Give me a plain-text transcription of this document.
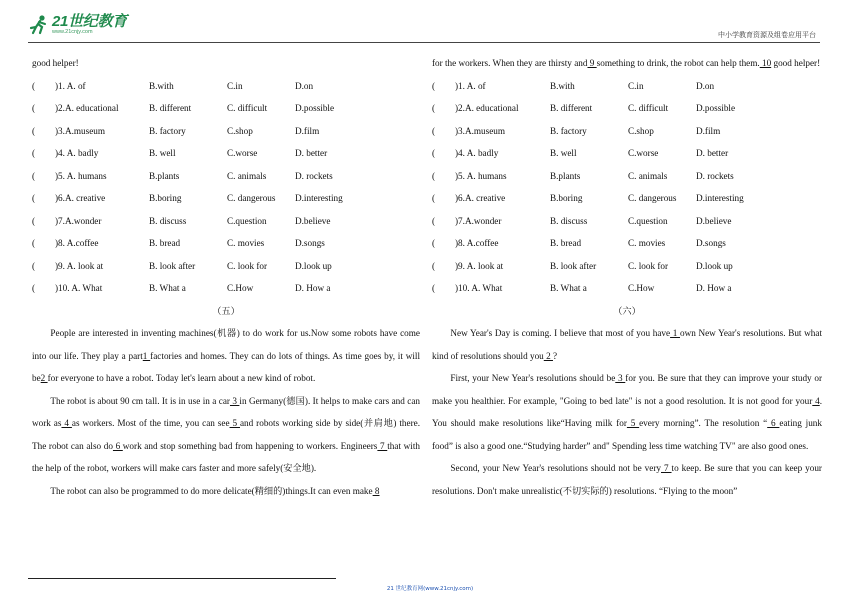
21世纪教育
www.21cnjy.com	中小学教育资源及组卷应用平台
good helper!
(	)1. A. of	B.with	C.in	D.on
(	)2.A. educational	B. different	C. difficult	D.possible
(	)3.A.museum	B. factory	C.shop	D.film
(	)4. A. badly	B. well	C.worse	D. better
(	)5. A. humans	B.plants	C. animals	D. rockets
(	)6.A. creative	B.boring	C. dangerous	D.interesting
(	)7.A.wonder	B. discuss	C.question	D.believe
(	)8. A.coffee	B. bread	C. movies	D.songs
(	)9. A. look at	B. look after	C. look for	D.look up
(	)10. A. What	B. What a	C.How	D. How a
（五）
People are interested in inventing machines(机器) to do work for us.Now some robots have come into our life. They play a part1 factories and homes. They can do lots of things. As time goes by, it will be2 for everyone to have a robot. Today let's learn about a new kind of robot.
The robot is about 90 cm tall. It is in use in a car 3 in Germany(德国). It helps to make cars and can work as 4 as workers. Most of the time, you can see 5 and robots working side by side(并肩地) there. The robot can also do 6 work and stop something bad from happening to workers. Engineers 7 that with the help of the robot, workers will make cars faster and more safely(安全地).
The robot can also be programmed to do more delicate(精细的)things.It can even make 8
for the workers. When they are thirsty and 9 something to drink, the robot can help them. 10 good helper!
(	)1. A. of	B.with	C.in	D.on
(	)2.A. educational	B. different	C. difficult	D.possible
(	)3.A.museum	B. factory	C.shop	D.film
(	)4. A. badly	B. well	C.worse	D. better
(	)5. A. humans	B.plants	C. animals	D. rockets
(	)6.A. creative	B.boring	C. dangerous	D.interesting
(	)7.A.wonder	B. discuss	C.question	D.believe
(	)8. A.coffee	B. bread	C. movies	D.songs
(	)9. A. look at	B. look after	C. look for	D.look up
(	)10. A. What	B. What a	C.How	D. How a
（六）
New Year's Day is coming. I believe that most of you have 1 own New Year's resolutions. But what kind of resolutions should you 2 ?
First, your New Year's resolutions should be 3 for you. Be sure that they can improve your study or make you healthier. For example, "Going to bed late" is not a good resolution. It is not good for your 4. You should make resolutions like“Having milk for 5 every morning”. The resolution “ 6 eating junk food” is also a good one.“Studying harder” and" Spending less time watching TV" are also good ones.
Second, your New Year's resolutions should not be very 7 to keep. Be sure that you can keep your resolutions. Don't make unrealistic(不切实际的) resolutions. “Flying to the moon”
21 世纪教育网(www.21cnjy.com)
